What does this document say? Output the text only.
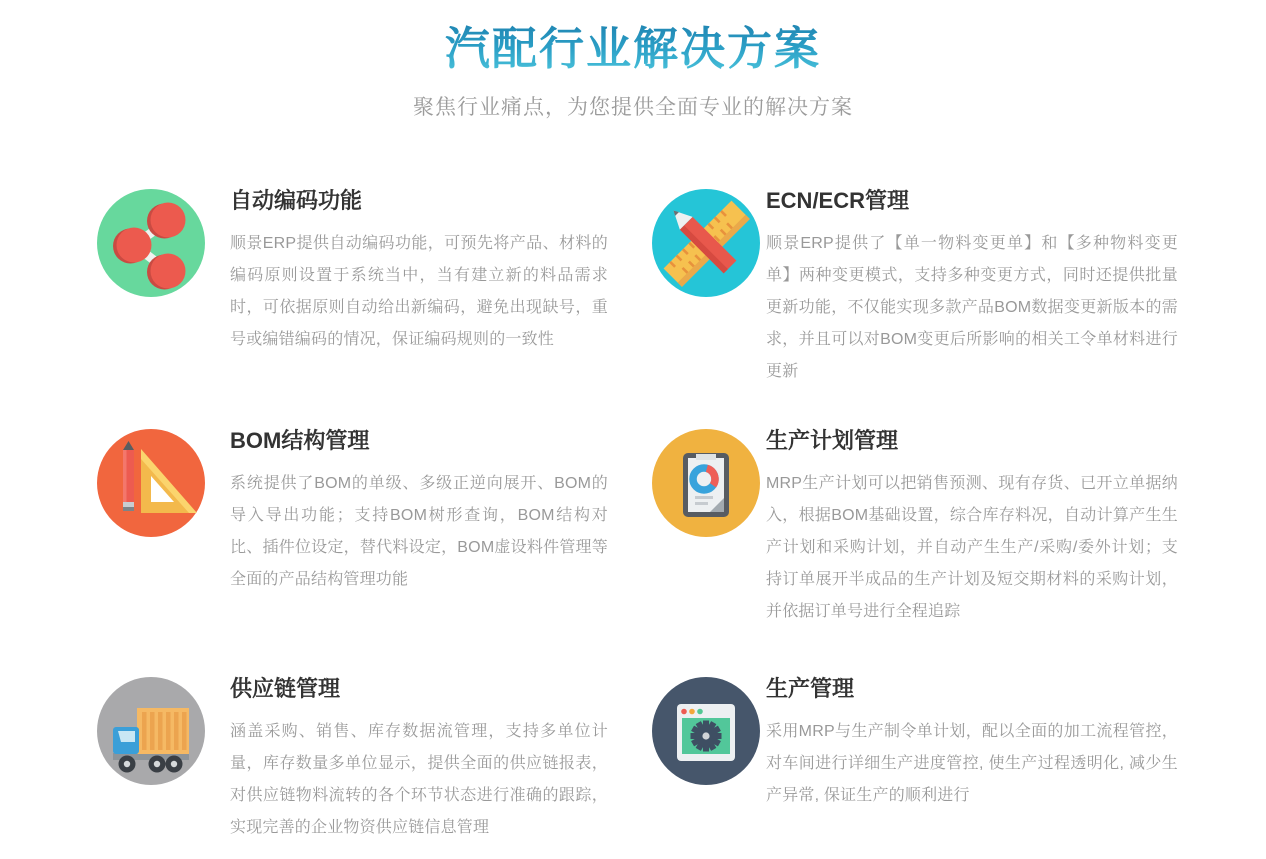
汽配行业解决方案
聚焦行业痛点，为您提供全面专业的解决方案
自动编码功能
顺景ERP提供自动编码功能，可预先将产品、材料的编码原则设置于系统当中，当有建立新的料品需求时，可依据原则自动给出新编码，避免出现缺号，重号或编错编码的情况，保证编码规则的一致性
ECN/ECR管理
顺景ERP提供了【单一物料变更单】和【多种物料变更单】两种变更模式，支持多种变更方式，同时还提供批量更新功能，不仅能实现多款产品BOM数据变更新版本的需求，并且可以对BOM变更后所影响的相关工令单材料进行更新
BOM结构管理
系统提供了BOM的单级、多级正逆向展开、BOM的导入导出功能；支持BOM树形查询，BOM结构对比、插件位设定，替代料设定，BOM虚设料件管理等全面的产品结构管理功能
生产计划管理
MRP生产计划可以把销售预测、现有存货、已开立单据纳入，根据BOM基础设置，综合库存料况，自动计算产生生产计划和采购计划，并自动产生生产/采购/委外计划；支持订单展开半成品的生产计划及短交期材料的采购计划，并依据订单号进行全程追踪
供应链管理
涵盖采购、销售、库存数据流管理，支持多单位计量，库存数量多单位显示，提供全面的供应链报表，对供应链物料流转的各个环节状态进行准确的跟踪，实现完善的企业物资供应链信息管理
生产管理
采用MRP与生产制令单计划，配以全面的加工流程管控，对车间进行详细生产进度管控, 使生产过程透明化, 减少生产异常, 保证生产的顺利进行
